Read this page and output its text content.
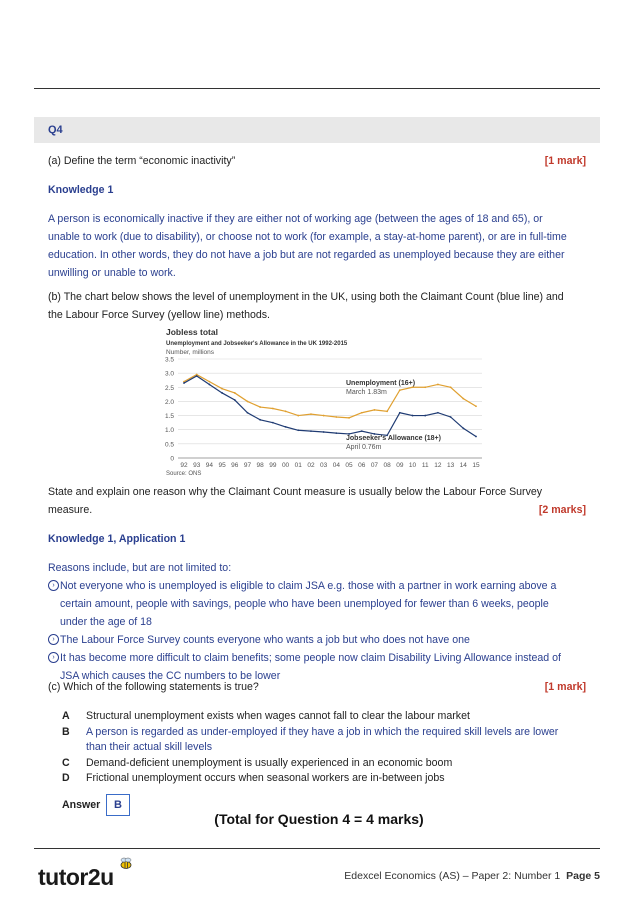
Q4
(a) Define the term “economic inactivity”	[1 mark]
Knowledge 1
A person is economically inactive if they are either not of working age (between the ages of 18 and 65), or
unable to work (due to disability), or choose not to work (for example, a stay-at-home parent), or are in full-time
education. In other words, they do not have a job but are not regarded as unemployed because they are either
unwilling or unable to work.
(b) The chart below shows the level of unemployment in the UK, using both the Claimant Count (blue line) and
the Labour Force Survey (yellow line) methods.
Jobless total
Unemployment and Jobseeker's Allowance in the UK 1992-2015
Number, millions
0
0.5
1.0
1.5
2.0
2.5
3.0
3.5
92 93 94 95 96 97 98 99 00 01 02 03 04 05 06 07 08 09 10 11 12 13 14 15
Unemployment (16+)
March 1.83m
Jobseeker's Allowance (18+)
April 0.76m
Source: ONS
State and explain one reason why the Claimant Count measure is usually below the Labour Force Survey
measure.	[2 marks]
Knowledge 1, Application 1
Reasons include, but are not limited to:
› Not everyone who is unemployed is eligible to claim JSA e.g. those with a partner in work earning above a
certain amount, people with savings, people who have been unemployed for fewer than 6 weeks, people
under the age of 18
› The Labour Force Survey counts everyone who wants a job but who does not have one
› It has become more difficult to claim benefits; some people now claim Disability Living Allowance instead of
JSA which causes the CC numbers to be lower
(c) Which of the following statements is true?	[1 mark]
A Structural unemployment exists when wages cannot fall to clear the labour market
B A person is regarded as under-employed if they have a job in which the required skill levels are lower
than their actual skill levels
C Demand-deficient unemployment is usually experienced in an economic boom
D Frictional unemployment occurs when seasonal workers are in-between jobs
Answer	B
(Total for Question 4 = 4 marks)
tutor2u	Edexcel Economics (AS) – Paper 2: Number 1 Page 5
